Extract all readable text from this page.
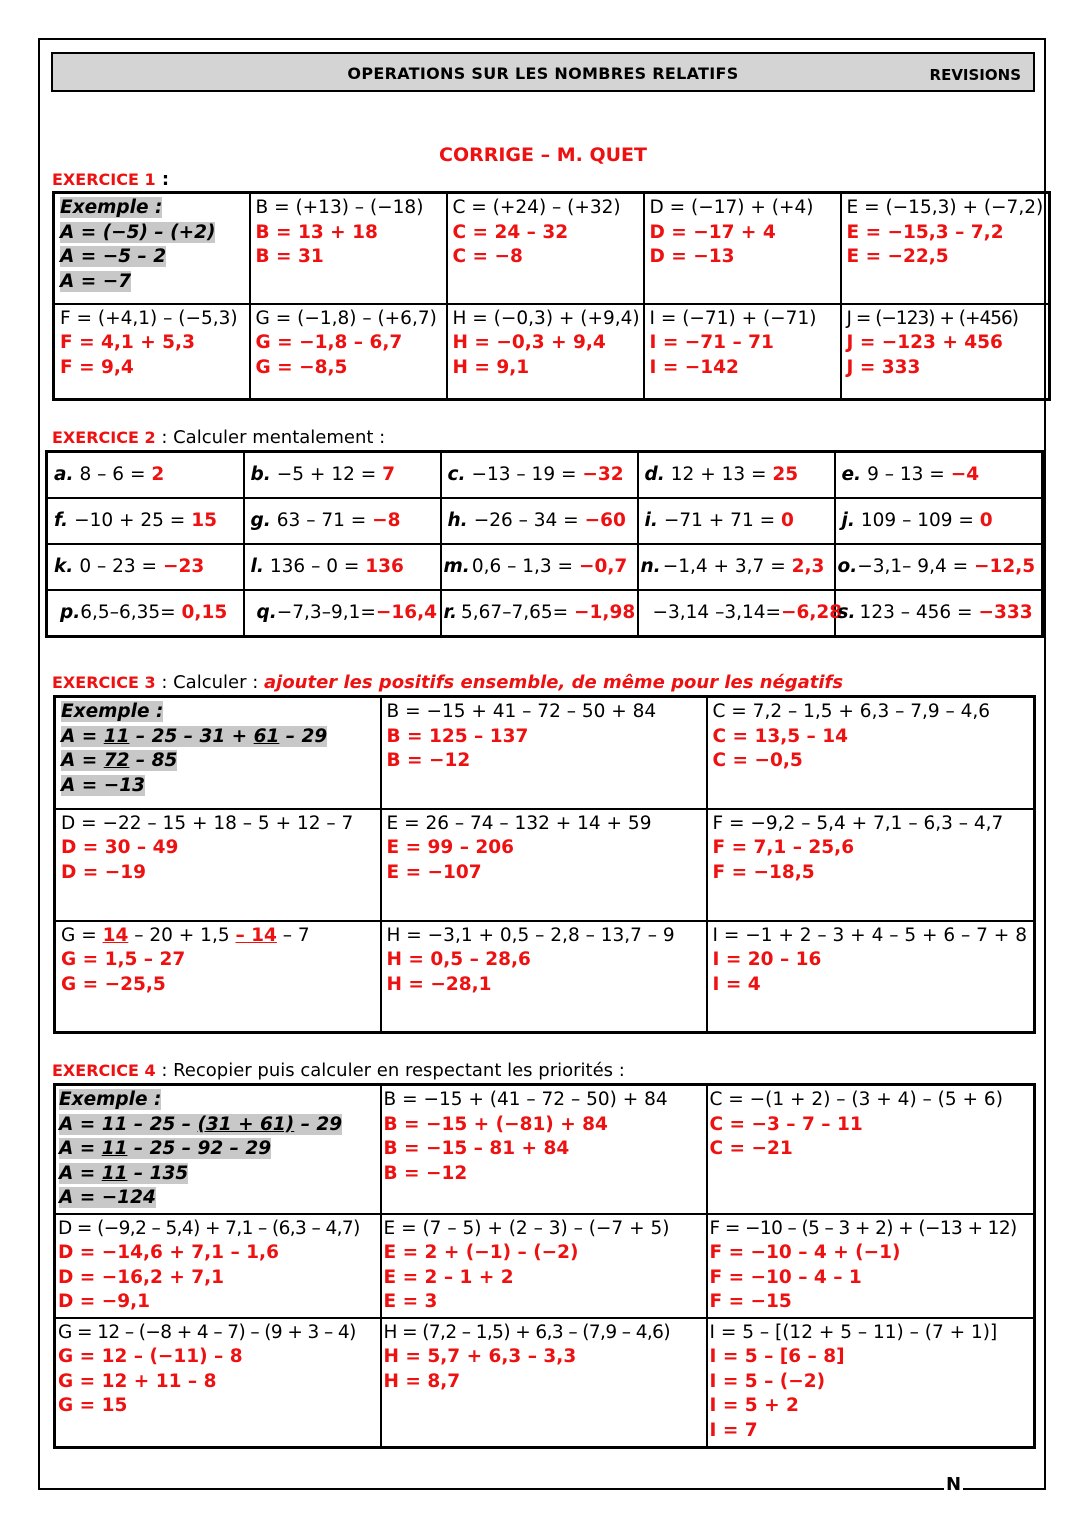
N
OPERATIONS SUR LES NOMBRES RELATIFS	REVISIONS
CORRIGE – M. QUET
EXERCICE 1 :
Exemple :
A = (−5) – (+2)
A = −5 – 2
A = −7	B = (+13) – (−18)
B = 13 + 18
B = 31	C = (+24) – (+32)
C = 24 – 32
C = −8	D = (−17) + (+4)
D = −17 + 4
D = −13	E = (−15,3) + (−7,2)
E = −15,3 – 7,2
E = −22,5

F = (+4,1) – (−5,3)
F = 4,1 + 5,3
F = 9,4	G = (−1,8) – (+6,7)
G = −1,8 – 6,7
G = −8,5	H = (−0,3) + (+9,4)
H = −0,3 + 9,4
H = 9,1	I = (−71) + (−71)
I = −71 – 71
I = −142	J = (−123) + (+456)
J = −123 + 456
J = 333
EXERCICE 2 : Calculer mentalement :
a. 8 – 6 = 2	b. −5 + 12 = 7	c. −13 – 19 = −32	d. 12 + 13 = 25	e. 9 – 13 = −4
f. −10 + 25 = 15	g. 63 – 71 = −8	h. −26 – 34 = −60	i. −71 + 71 = 0	j. 109 – 109 = 0
k. 0 – 23 = −23	l. 136 – 0 = 136	m. 0,6 – 1,3 = −0,7	n. −1,4 + 3,7 = 2,3	o.−3,1– 9,4 = −12,5
p.6,5–6,35= 0,15	q.−7,3–9,1=−16,4	r. 5,67–7,65= −1,98	−3,14 –3,14=−6,28	s. 123 – 456 = −333
EXERCICE 3 : Calculer : ajouter les positifs ensemble, de même pour les négatifs
Exemple :
A = 11 – 25 – 31 + 61 – 29
A = 72 – 85
A = −13	B = −15 + 41 – 72 – 50 + 84
B = 125 – 137
B = −12	C = 7,2 – 1,5 + 6,3 – 7,9 – 4,6
C = 13,5 – 14
C = −0,5

D = −22 – 15 + 18 – 5 + 12 – 7
D = 30 – 49
D = −19	E = 26 – 74 – 132 + 14 + 59
E = 99 – 206
E = −107	F = −9,2 – 5,4 + 7,1 – 6,3 – 4,7
F = 7,1 – 25,6
F = −18,5

G = 14 – 20 + 1,5 – 14 – 7
G = 1,5 – 27
G = −25,5	H = −3,1 + 0,5 – 2,8 – 13,7 – 9
H = 0,5 – 28,6
H = −28,1	I = −1 + 2 – 3 + 4 – 5 + 6 – 7 + 8
I = 20 – 16
I = 4
EXERCICE 4 : Recopier puis calculer en respectant les priorités :
Exemple :
A = 11 – 25 – (31 + 61) – 29
A = 11 – 25 – 92 – 29
A = 11 – 135
A = −124	B = −15 + (41 – 72 – 50) + 84
B = −15 + (−81) + 84
B = −15 – 81 + 84
B = −12	C = −(1 + 2) – (3 + 4) – (5 + 6)
C = −3 – 7 – 11
C = −21

D = (−9,2 – 5,4) + 7,1 – (6,3 – 4,7)
D = −14,6 + 7,1 – 1,6
D = −16,2 + 7,1
D = −9,1	E = (7 – 5) + (2 – 3) – (−7 + 5)
E = 2 + (−1) – (−2)
E = 2 – 1 + 2
E = 3	F = −10 – (5 – 3 + 2) + (−13 + 12)
F = −10 – 4 + (−1)
F = −10 – 4 – 1
F = −15

G = 12 – (−8 + 4 – 7) – (9 + 3 – 4)
G = 12 – (−11) – 8
G = 12 + 11 – 8
G = 15	H = (7,2 – 1,5) + 6,3 – (7,9 – 4,6)
H = 5,7 + 6,3 – 3,3
H = 8,7	I = 5 – [(12 + 5 – 11) – (7 + 1)]
I = 5 – [6 – 8]
I = 5 – (−2)
I = 5 + 2
I = 7
